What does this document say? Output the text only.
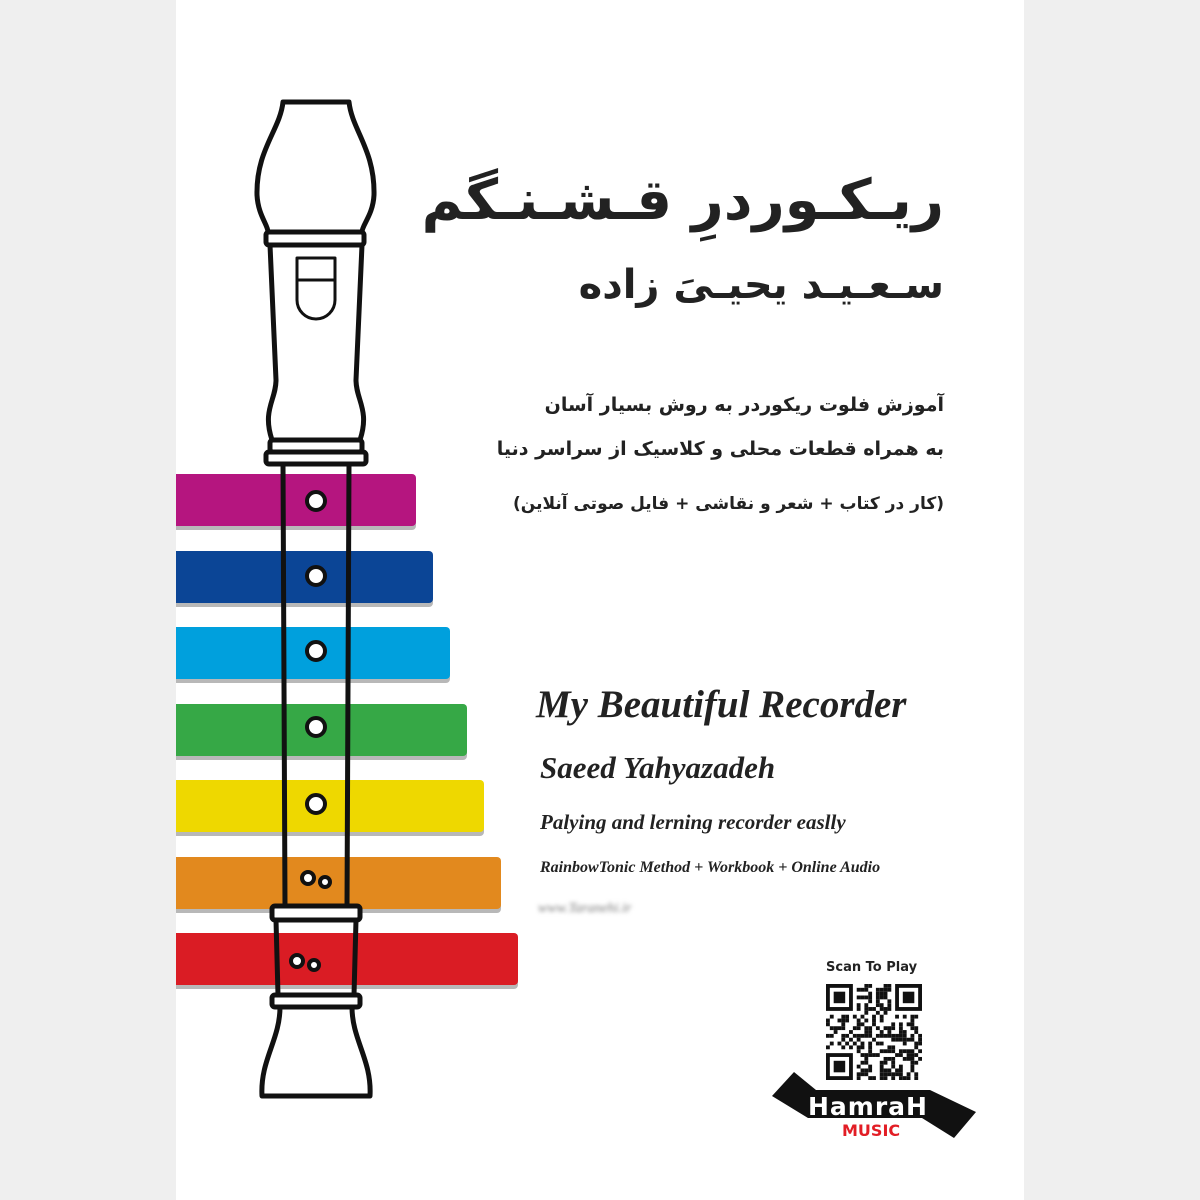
ریـکـوردرِ قـشـنـگم
سـعـیـد یحیـیَ زاده
آموزش فلوت ریکوردر به روش بسیار آسان
به همراه قطعات محلی و کلاسیک از سراسر دنیا
(کار در کتاب + شعر و نقاشی + فایل صوتی آنلاین)
My Beautiful Recorder
Saeed Yahyazadeh
Palying and lerning recorder easlly
RainbowTonic Method + Workbook + Online Audio
www.Taranehi.ir
Scan To Play
HamraH
MUSIC
